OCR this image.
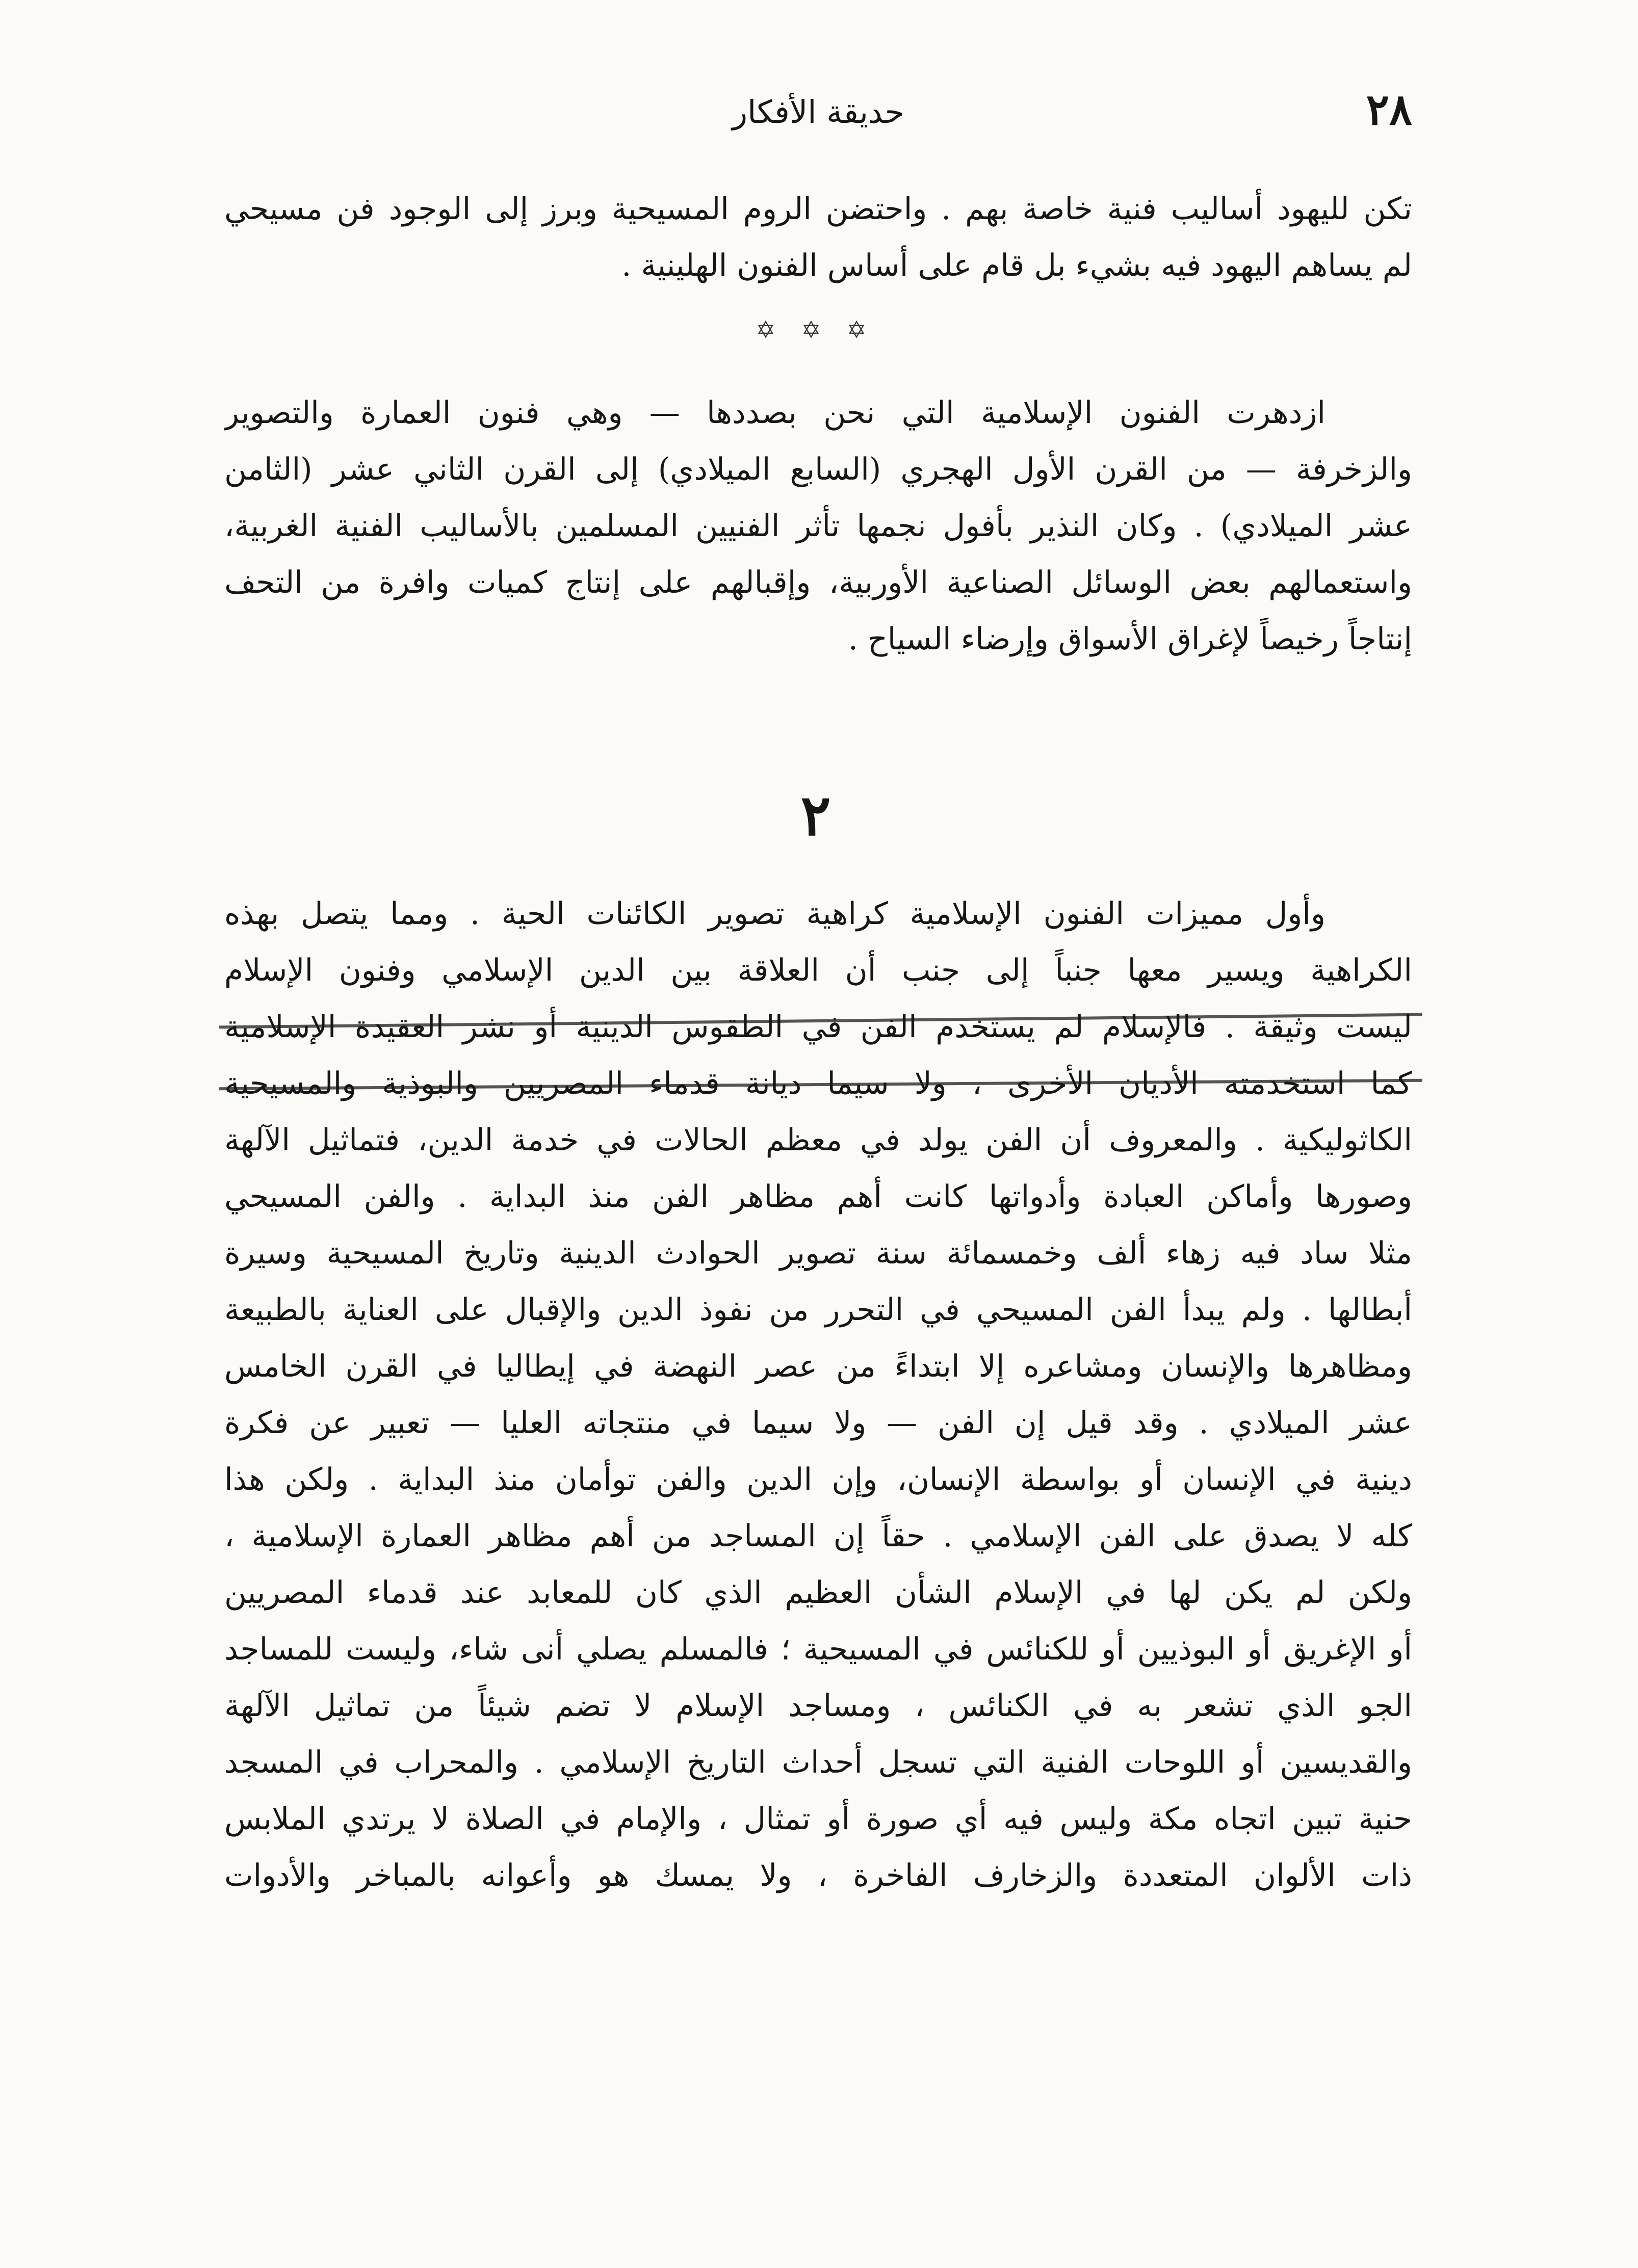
٢٨
حديقة الأفكار
تكن لليهود أساليب فنية خاصة بهم . واحتضن الروم المسيحية وبرز إلى الوجود فن مسيحي
لم يساهم اليهود فيه بشيء بل قام على أساس الفنون الهلينية .
✡ ✡ ✡
ازدهرت الفنون الإسلامية التي نحن بصددها — وهي فنون العمارة والتصوير
والزخرفة — من القرن الأول الهجري (السابع الميلادي) إلى القرن الثاني عشر (الثامن
عشر الميلادي) . وكان النذير بأفول نجمها تأثر الفنيين المسلمين بالأساليب الفنية الغربية،
واستعمالهم بعض الوسائل الصناعية الأوربية، وإقبالهم على إنتاج كميات وافرة من التحف
إنتاجاً رخيصاً لإغراق الأسواق وإرضاء السياح .
٢
وأول مميزات الفنون الإسلامية كراهية تصوير الكائنات الحية . ومما يتصل بهذه
الكراهية ويسير معها جنباً إلى جنب أن العلاقة بين الدين الإسلامي وفنون الإسلام
ليست وثيقة . فالإسلام لم يستخدم الفن في الطقوس الدينية أو نشر العقيدة الإسلامية
كما استخدمته الأديان الأخرى ، ولا سيما ديانة قدماء المصريين والبوذية والمسيحية
الكاثوليكية . والمعروف أن الفن يولد في معظم الحالات في خدمة الدين، فتماثيل الآلهة
وصورها وأماكن العبادة وأدواتها كانت أهم مظاهر الفن منذ البداية . والفن المسيحي
مثلا ساد فيه زهاء ألف وخمسمائة سنة تصوير الحوادث الدينية وتاريخ المسيحية وسيرة
أبطالها . ولم يبدأ الفن المسيحي في التحرر من نفوذ الدين والإقبال على العناية بالطبيعة
ومظاهرها والإنسان ومشاعره إلا ابتداءً من عصر النهضة في إيطاليا في القرن الخامس
عشر الميلادي . وقد قيل إن الفن — ولا سيما في منتجاته العليا — تعبير عن فكرة
دينية في الإنسان أو بواسطة الإنسان، وإن الدين والفن توأمان منذ البداية . ولكن هذا
كله لا يصدق على الفن الإسلامي . حقاً إن المساجد من أهم مظاهر العمارة الإسلامية ،
ولكن لم يكن لها في الإسلام الشأن العظيم الذي كان للمعابد عند قدماء المصريين
أو الإغريق أو البوذيين أو للكنائس في المسيحية ؛ فالمسلم يصلي أنى شاء، وليست للمساجد
الجو الذي تشعر به في الكنائس ، ومساجد الإسلام لا تضم شيئاً من تماثيل الآلهة
والقديسين أو اللوحات الفنية التي تسجل أحداث التاريخ الإسلامي . والمحراب في المسجد
حنية تبين اتجاه مكة وليس فيه أي صورة أو تمثال ، والإمام في الصلاة لا يرتدي الملابس
ذات الألوان المتعددة والزخارف الفاخرة ، ولا يمسك هو وأعوانه بالمباخر والأدوات
